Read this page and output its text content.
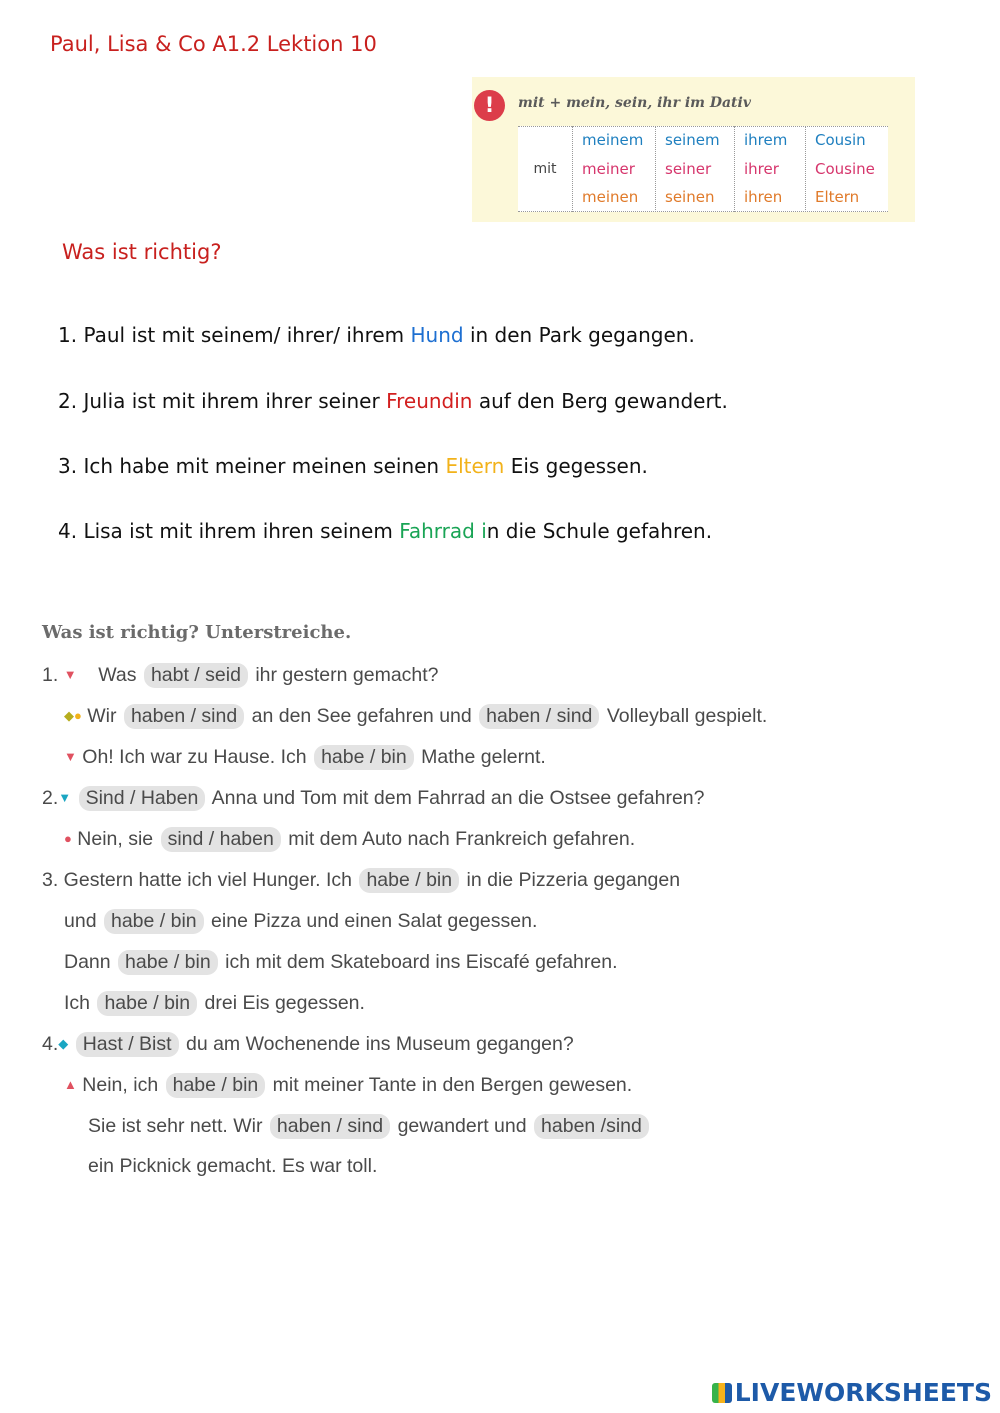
Paul, Lisa & Co A1.2 Lektion 10
!	mit + mein, sein, ihr im Dativ
mit
meinem
meiner
meinen
seinem
seiner
seinen
ihrem
ihrer
ihren
Cousin
Cousine
Eltern
Was ist richtig?
1. Paul ist mit seinem/ ihrer/ ihrem Hund in den Park gegangen.
2. Julia ist mit ihrem ihrer seiner Freundin auf den Berg gewandert.
3. Ich habe mit meiner meinen seinen Eltern Eis gegessen.
4. Lisa ist mit ihrem ihren seinem Fahrrad in die Schule gefahren.
Was ist richtig? Unterstreiche.
1. ▼ Was habt / seid ihr gestern gemacht?
◆● Wir haben / sind an den See gefahren und haben / sind Volleyball gespielt.
▼ Oh! Ich war zu Hause. Ich habe / bin Mathe gelernt.
2.▼ Sind / Haben Anna und Tom mit dem Fahrrad an die Ostsee gefahren?
● Nein, sie sind / haben mit dem Auto nach Frankreich gefahren.
3. Gestern hatte ich viel Hunger. Ich habe / bin in die Pizzeria gegangen
und habe / bin eine Pizza und einen Salat gegessen.
Dann habe / bin ich mit dem Skateboard ins Eiscafé gefahren.
Ich habe / bin drei Eis gegessen.
4.◆ Hast / Bist du am Wochenende ins Museum gegangen?
▲ Nein, ich habe / bin mit meiner Tante in den Bergen gewesen.
Sie ist sehr nett. Wir haben / sind gewandert und haben /sind
ein Picknick gemacht. Es war toll.
LIVEWORKSHEETS
